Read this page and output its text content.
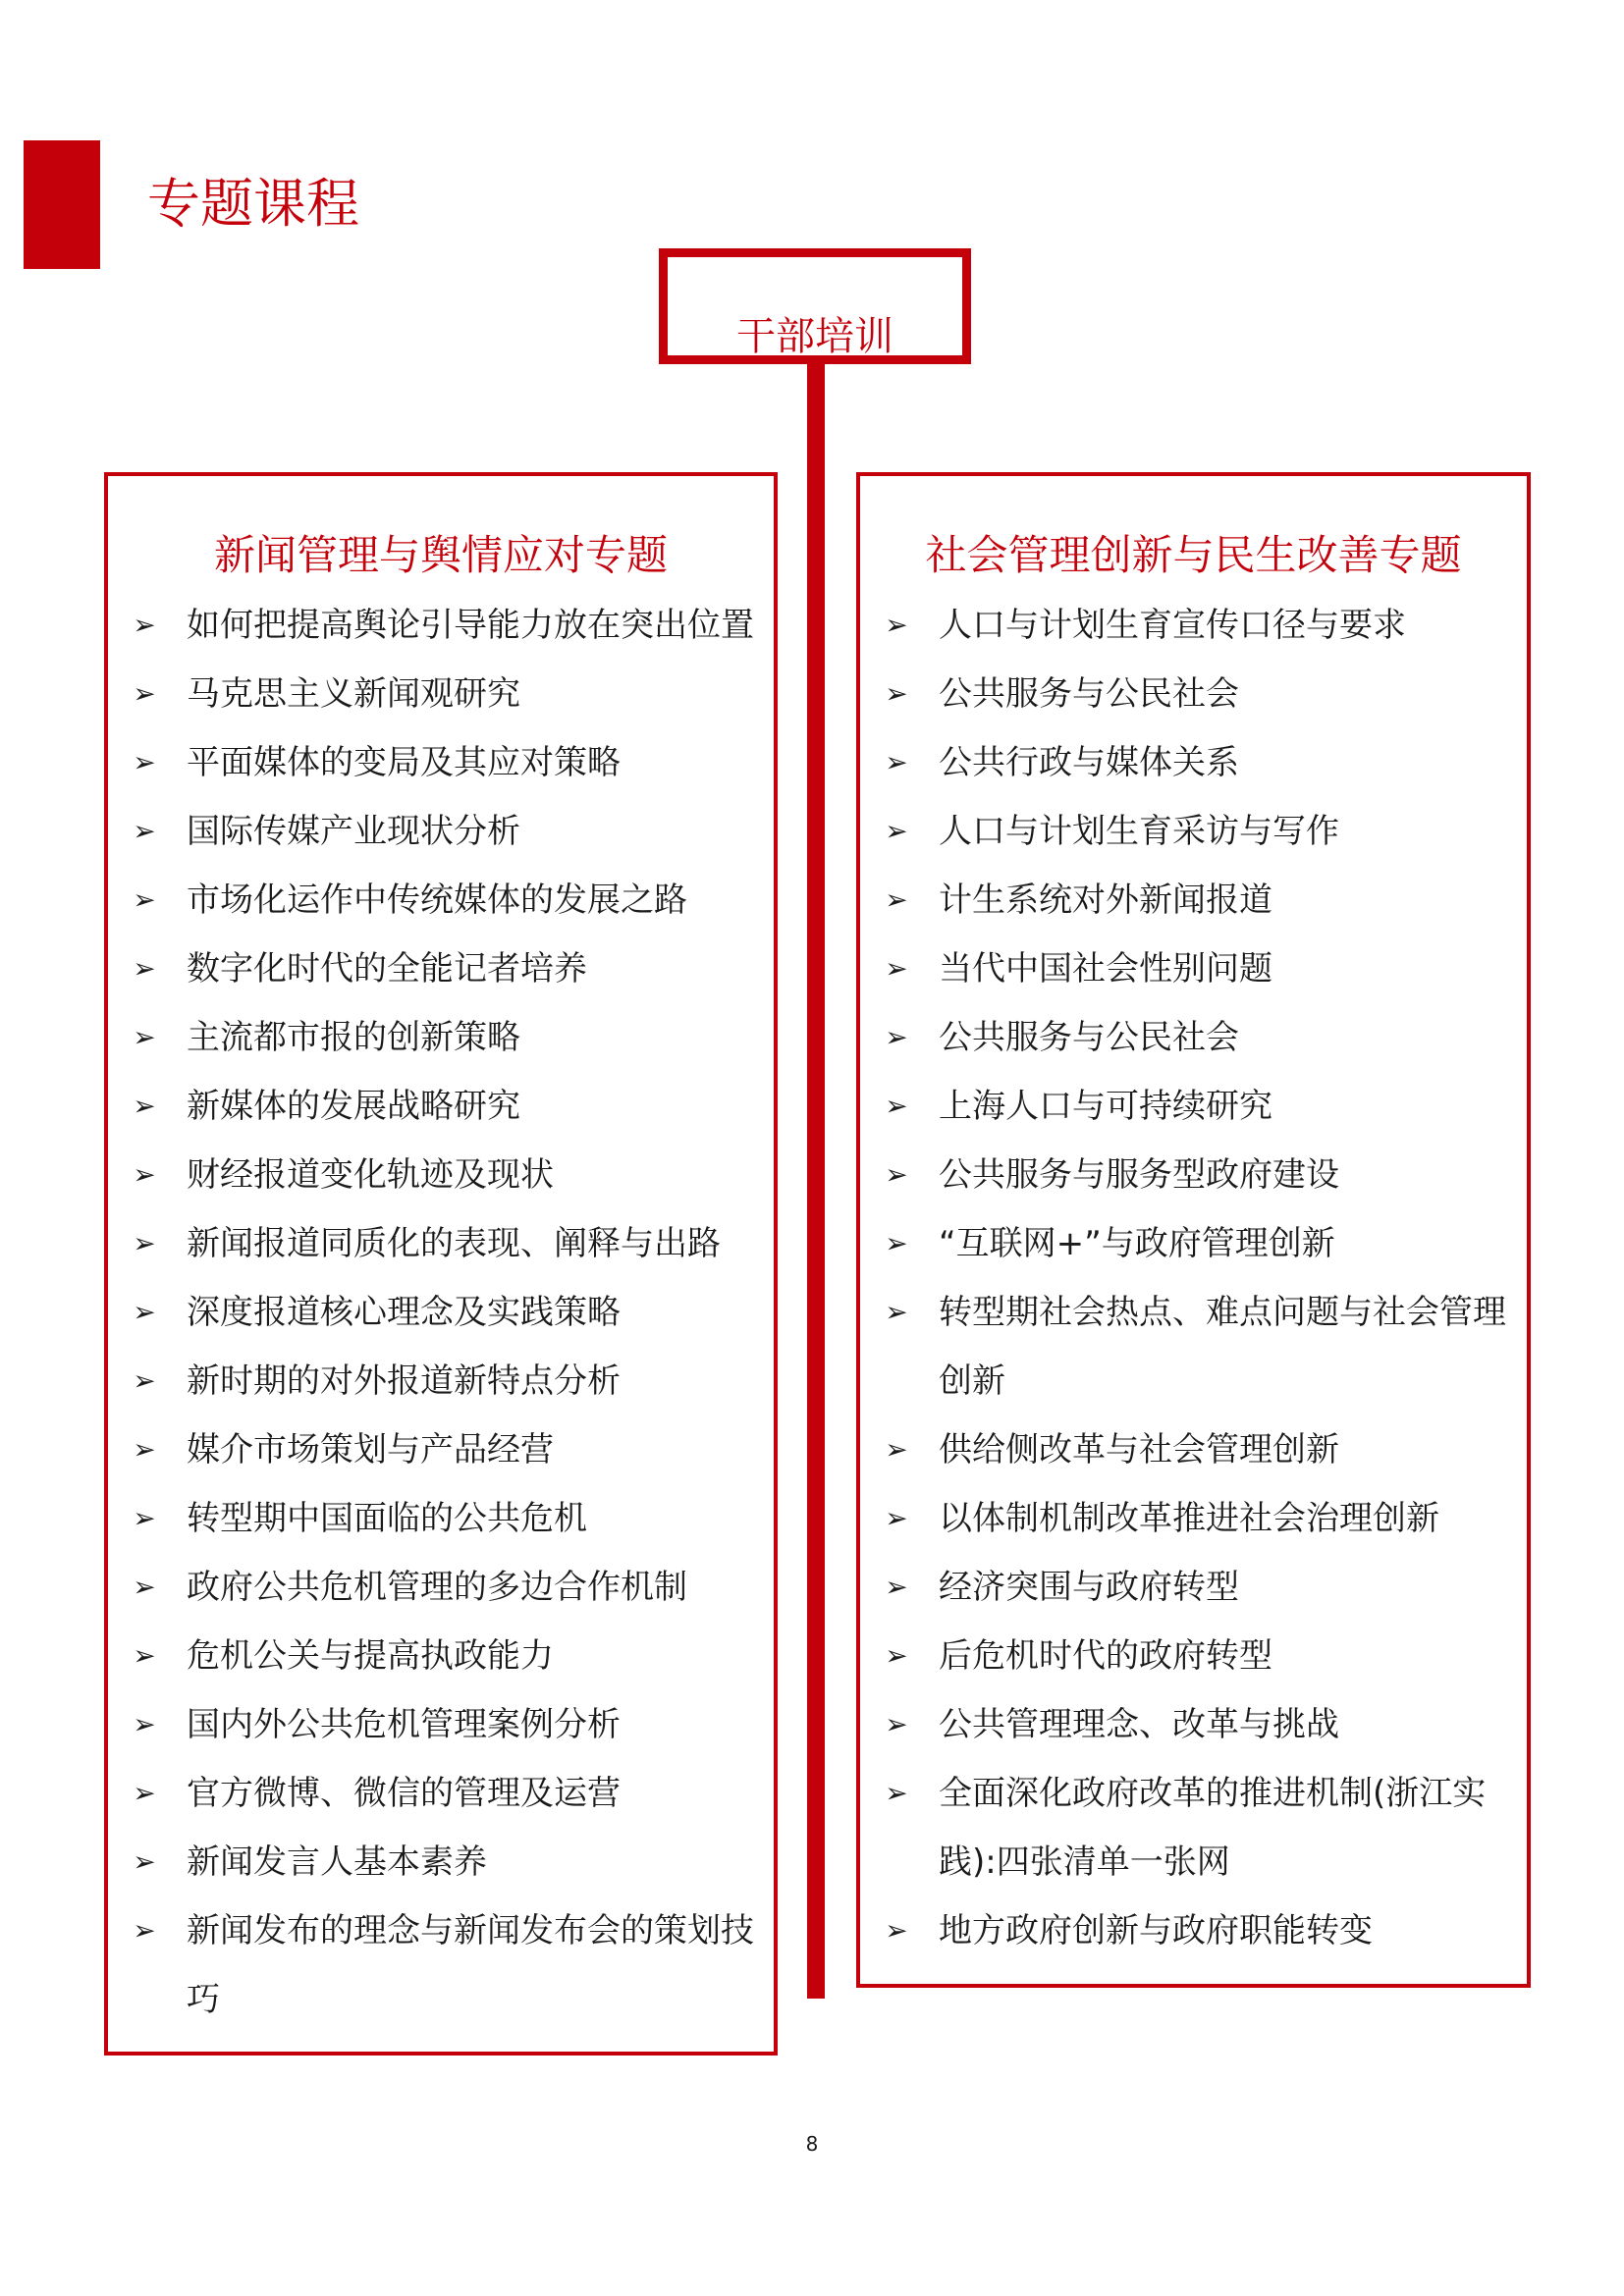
专题课程
干部培训
新闻管理与舆情应对专题
➢ 如何把提高舆论引导能力放在突出位置
➢ 马克思主义新闻观研究
➢ 平面媒体的变局及其应对策略
➢ 国际传媒产业现状分析
➢ 市场化运作中传统媒体的发展之路
➢ 数字化时代的全能记者培养
➢ 主流都市报的创新策略
➢ 新媒体的发展战略研究
➢ 财经报道变化轨迹及现状
➢ 新闻报道同质化的表现、阐释与出路
➢ 深度报道核心理念及实践策略
➢ 新时期的对外报道新特点分析
➢ 媒介市场策划与产品经营
➢ 转型期中国面临的公共危机
➢ 政府公共危机管理的多边合作机制
➢ 危机公关与提高执政能力
➢ 国内外公共危机管理案例分析
➢ 官方微博、微信的管理及运营
➢ 新闻发言人基本素养
➢ 新闻发布的理念与新闻发布会的策划技巧
社会管理创新与民生改善专题
➢ 人口与计划生育宣传口径与要求
➢ 公共服务与公民社会
➢ 公共行政与媒体关系
➢ 人口与计划生育采访与写作
➢ 计生系统对外新闻报道
➢ 当代中国社会性别问题
➢ 公共服务与公民社会
➢ 上海人口与可持续研究
➢ 公共服务与服务型政府建设
➢ “互联网+”与政府管理创新
➢ 转型期社会热点、难点问题与社会管理创新
➢ 供给侧改革与社会管理创新
➢ 以体制机制改革推进社会治理创新
➢ 经济突围与政府转型
➢ 后危机时代的政府转型
➢ 公共管理理念、改革与挑战
➢ 全面深化政府改革的推进机制(浙江实践):四张清单一张网
➢ 地方政府创新与政府职能转变
8
